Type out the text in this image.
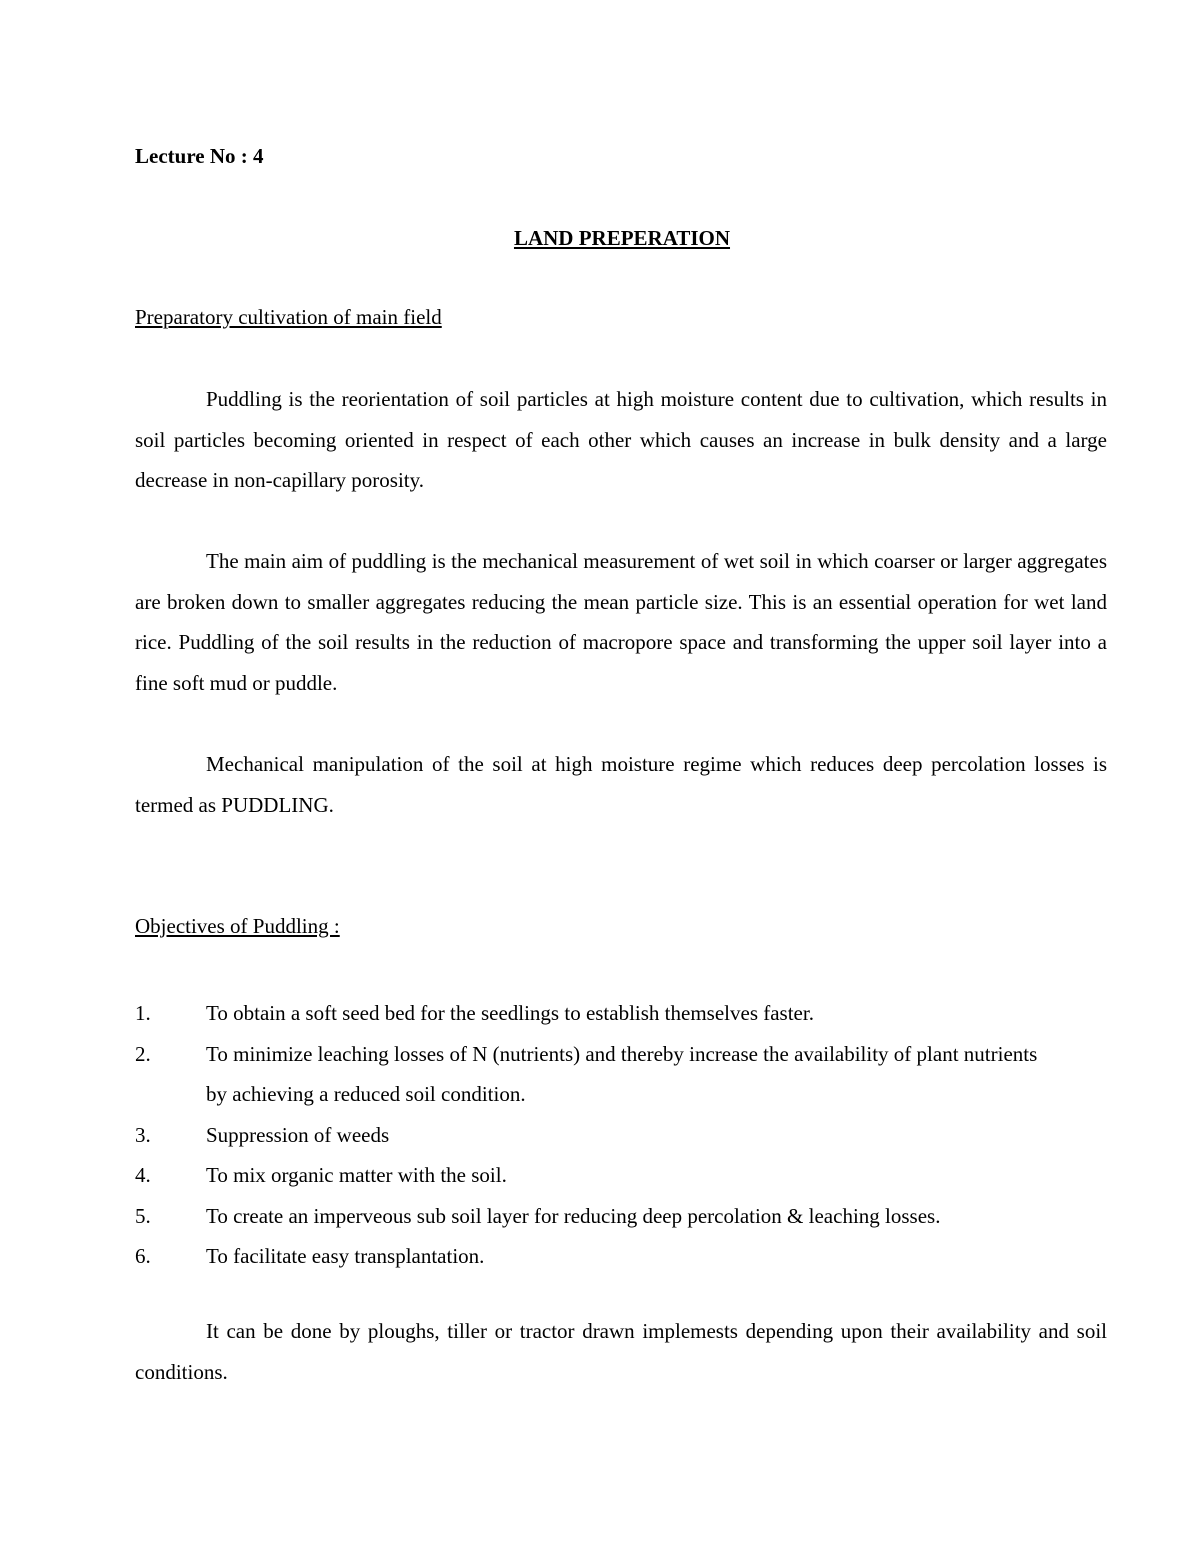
Lecture No : 4
LAND PREPERATION
Preparatory cultivation of main field

Puddling is the reorientation of soil particles at high moisture content due to cultivation, which results in soil particles becoming oriented in respect of each other which causes an increase in bulk density and a large decrease in non-capillary porosity.

The main aim of puddling is the mechanical measurement of wet soil in which coarser or larger aggregates are broken down to smaller aggregates reducing the mean particle size. This is an essential operation for wet land rice. Puddling of the soil results in the reduction of macropore space and transforming the upper soil layer into a fine soft mud or puddle.

Mechanical manipulation of the soil at high moisture regime which reduces deep percolation losses is termed as PUDDLING.

Objectives of Puddling :
1.	To obtain a soft seed bed for the seedlings to establish themselves faster.
2.	To minimize leaching losses of N (nutrients) and thereby increase the availability of plant nutrients by achieving a reduced soil condition.
3.	Suppression of weeds
4.	To mix organic matter with the soil.
5.	To create an imperveous sub soil layer for reducing deep percolation & leaching losses.
6.	To facilitate easy transplantation.

It can be done by ploughs, tiller or tractor drawn implemests depending upon their availability and soil conditions.
